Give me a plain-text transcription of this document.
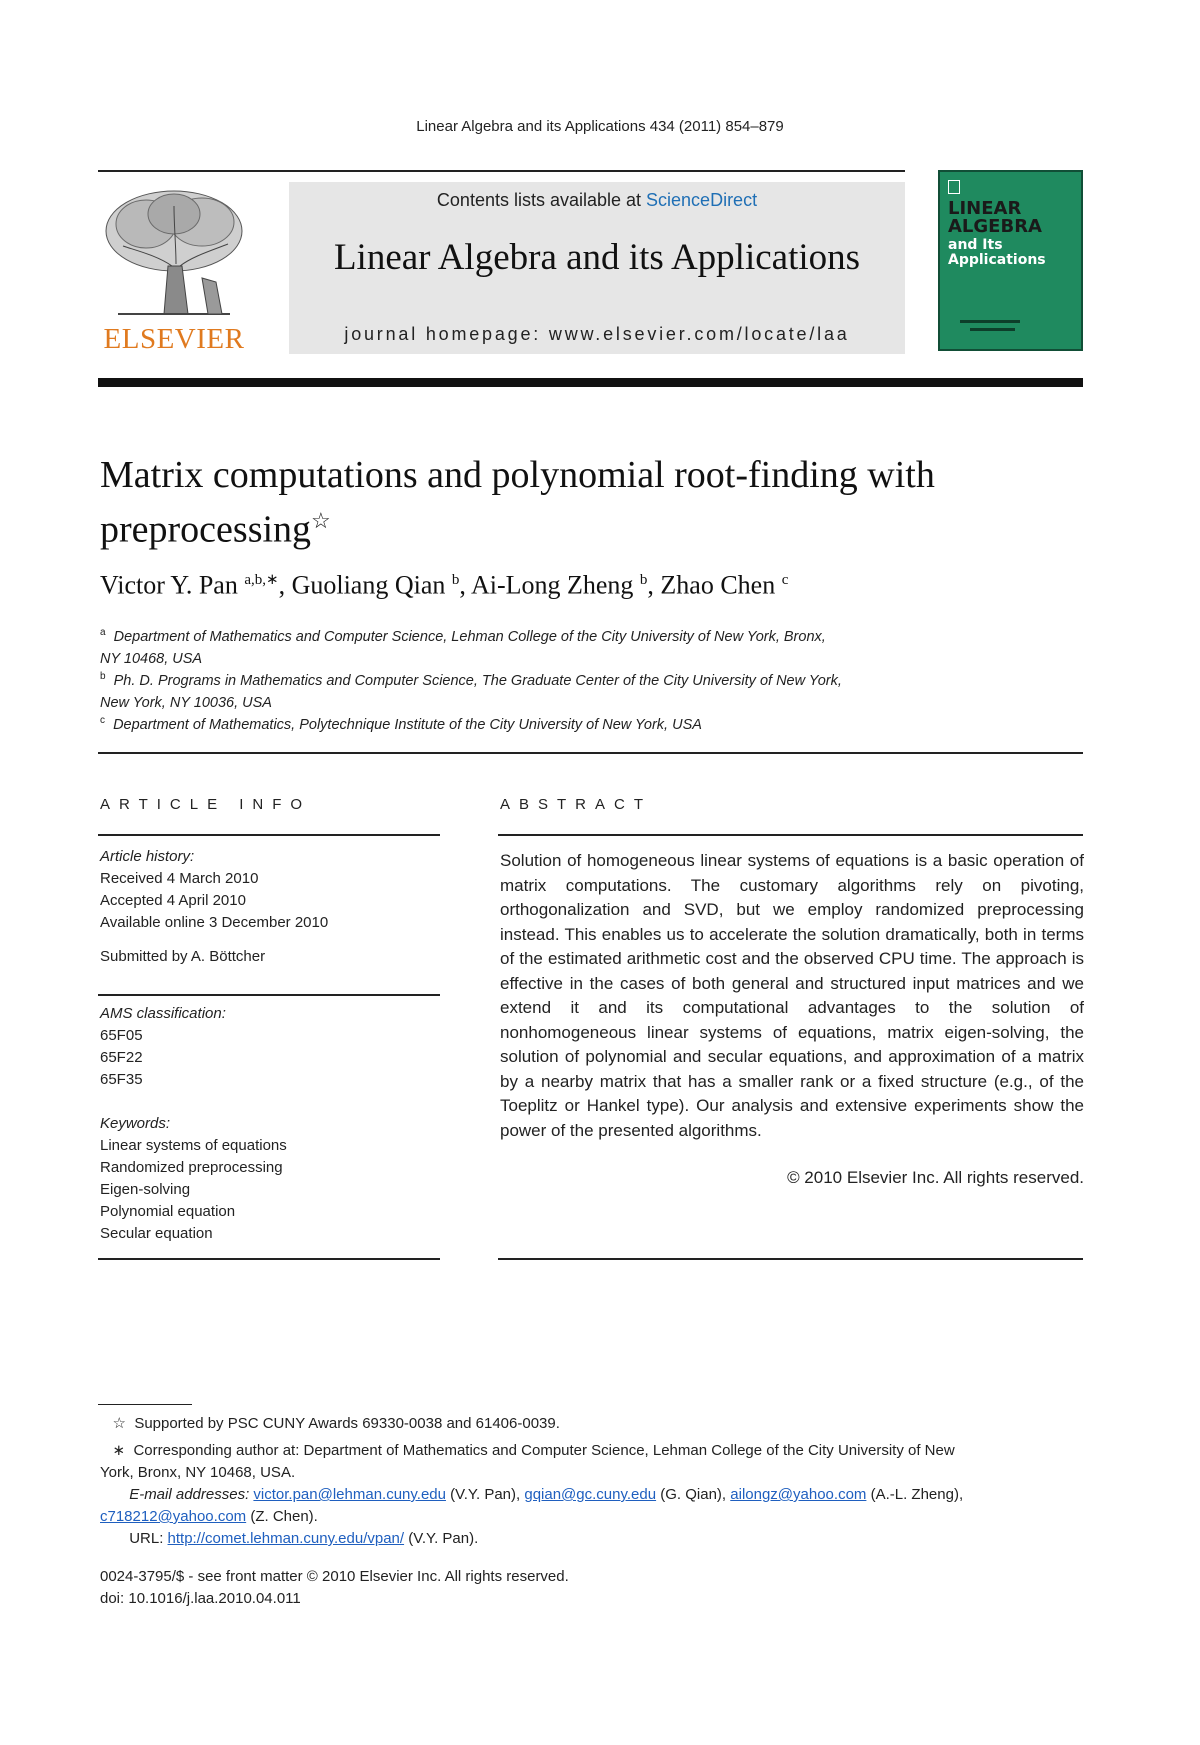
Linear Algebra and its Applications 434 (2011) 854–879
ELSEVIER
Contents lists available at ScienceDirect
Linear Algebra and its Applications
journal homepage: www.elsevier.com/locate/laa
LINEAR
ALGEBRA
and Its
Applications
Matrix computations and polynomial root-finding with
preprocessing☆
Victor Y. Pan $^{a,b,∗}$, Guoliang Qian $^b$, Ai-Long Zheng $^b$, Zhao Chen $^c$
$^a$ Department of Mathematics and Computer Science, Lehman College of the City University of New York, Bronx,
NY 10468, USA
$^b$ Ph. D. Programs in Mathematics and Computer Science, The Graduate Center of the City University of New York,
New York, NY 10036, USA
$^c$ Department of Mathematics, Polytechnique Institute of the City University of New York, USA
ARTICLE INFO	ABSTRACT
Article history:
Received 4 March 2010
Accepted 4 April 2010
Available online 3 December 2010
Submitted by A. Böttcher
AMS classification:
65F05
65F22
65F35
Keywords:
Linear systems of equations
Randomized preprocessing
Eigen-solving
Polynomial equation
Secular equation
Solution of homogeneous linear systems of equations is a basic operation of matrix computations. The customary algorithms rely on pivoting, orthogonalization and SVD, but we employ randomized preprocessing instead. This enables us to accelerate the solution dramatically, both in terms of the estimated arithmetic cost and the observed CPU time. The approach is effective in the cases of both general and structured input matrices and we extend it and its computational advantages to the solution of nonhomogeneous linear systems of equations, matrix eigen-solving, the solution of polynomial and secular equations, and approximation of a matrix by a nearby matrix that has a smaller rank or a fixed structure (e.g., of the Toeplitz or Hankel type). Our analysis and extensive experiments show the power of the presented algorithms.
© 2010 Elsevier Inc. All rights reserved.
☆ Supported by PSC CUNY Awards 69330-0038 and 61406-0039.
∗ Corresponding author at: Department of Mathematics and Computer Science, Lehman College of the City University of New
York, Bronx, NY 10468, USA.
E-mail addresses: victor.pan@lehman.cuny.edu (V.Y. Pan), gqian@gc.cuny.edu (G. Qian), ailongz@yahoo.com (A.-L. Zheng),
c718212@yahoo.com (Z. Chen).
URL: http://comet.lehman.cuny.edu/vpan/ (V.Y. Pan).
0024-3795/$ - see front matter © 2010 Elsevier Inc. All rights reserved.
doi: 10.1016/j.laa.2010.04.011
